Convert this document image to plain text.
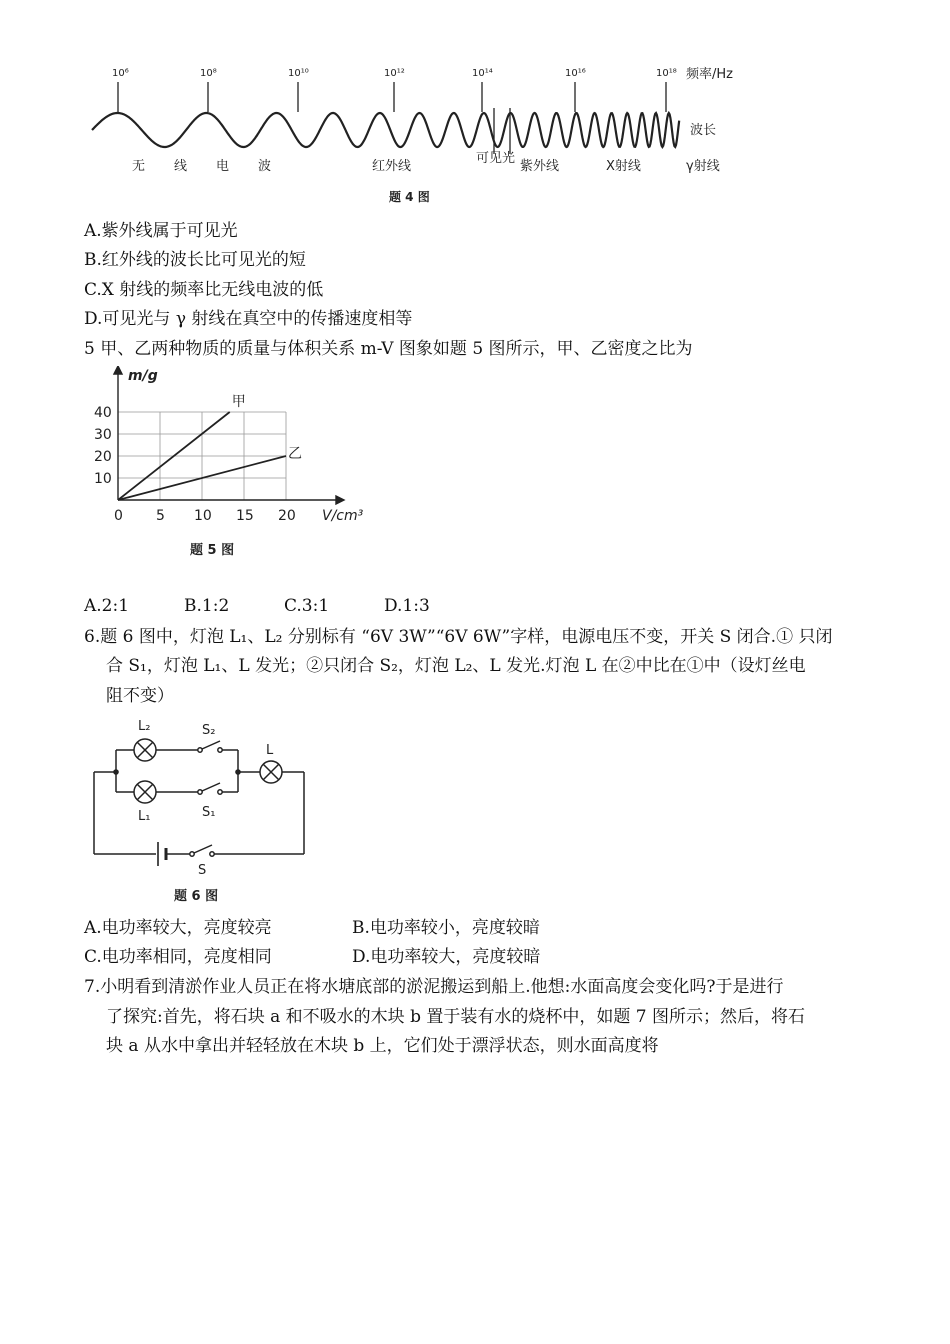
10⁶	10⁸	10¹⁰	10¹²	10¹⁴	10¹⁶	10¹⁸ 频率/Hz
波长
无 线 电 波	红外线
可见光
紫外线	X射线	γ射线
题 4 图
A.紫外线属于可见光
B.红外线的波长比可见光的短
C.X 射线的频率比无线电波的低
D.可见光与 γ 射线在真空中的传播速度相等
5 甲、乙两种物质的质量与体积关系 m-V 图象如题 5 图所示，甲、乙密度之比为
0 5 10 15 20
10
20
30
40
甲
乙
m/g
V/cm³
题 5 图
A.2:1	B.1:2	C.3:1	D.1:3
6.题 6 图中，灯泡 L₁、L₂ 分别标有 “6V 3W”“6V 6W”字样，电源电压不变，开关 S 闭合.① 只闭
合 S₁，灯泡 L₁、L 发光；②只闭合 S₂，灯泡 L₂、L 发光.灯泡 L 在②中比在①中（设灯丝电
阻不变）
L₂	S₂
L
L₁	S₁
S
题 6 图
A.电功率较大，亮度较亮	B.电功率较小，亮度较暗
C.电功率相同，亮度相同	D.电功率较大，亮度较暗
7.小明看到清淤作业人员正在将水塘底部的淤泥搬运到船上.他想:水面高度会变化吗?于是进行
了探究:首先，将石块 a 和不吸水的木块 b 置于装有水的烧杯中，如题 7 图所示；然后，将石
块 a 从水中拿出并轻轻放在木块 b 上，它们处于漂浮状态，则水面高度将
